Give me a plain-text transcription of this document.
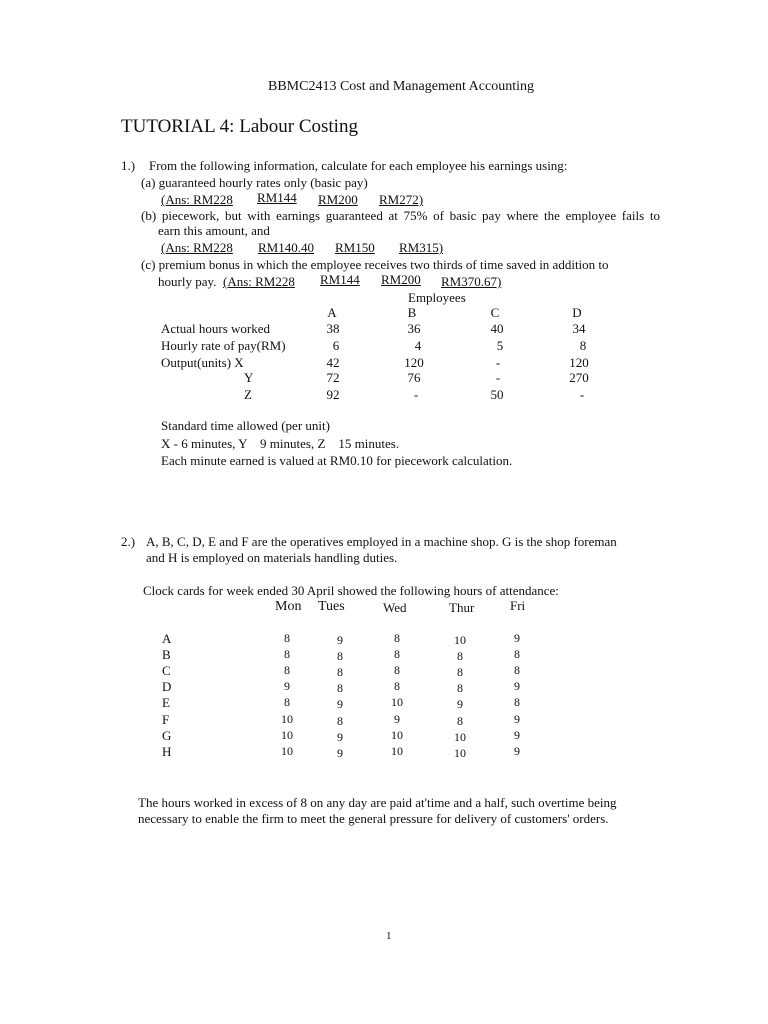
BBMC2413 Cost and Management Accounting
TUTORIAL 4: Labour Costing
1.) From the following information, calculate for each employee his earnings using:
(a) guaranteed hourly rates only (basic pay)
(Ans: RM228 RM144 RM200 RM272)
(b) piecework, but with earnings guaranteed at 75% of basic pay where the employee fails to
earn this amount, and
(Ans: RM228 RM140.40 RM150 RM315)
(c) premium bonus in which the employee receives two thirds of time saved in addition to
hourly pay. (Ans: RM228 RM144 RM200 RM370.67)
Employees
A	B	C	D
Actual hours worked	38	36	40	34
Hourly rate of pay(RM)	6	4	5	8
Output(units) X	42	120	-	120
Y	72	76	-	270
Z	92	-	50	-
Standard time allowed (per unit)
X - 6 minutes, Y    9 minutes, Z    15 minutes.
Each minute earned is valued at RM0.10 for piecework calculation.
2.) A, B, C, D, E and F are the operatives employed in a machine shop. G is the shop foreman
and H is employed on materials handling duties.
Clock cards for week ended 30 April showed the following hours of attendance:
Mon Tues	Wed	Thur	Fri
A	8	9	8	10	9
B	8	8	8	8	8
C	8	8	8	8	8
D	9	8	8	8	9
E	8	9	10	9	8
F	10	8	9	8	9
G	10	9	10	10	9
H	10	9	10	10	9
The hours worked in excess of 8 on any day are paid at'time and a half, such overtime being
necessary to enable the firm to meet the general pressure for delivery of customers' orders.
1
